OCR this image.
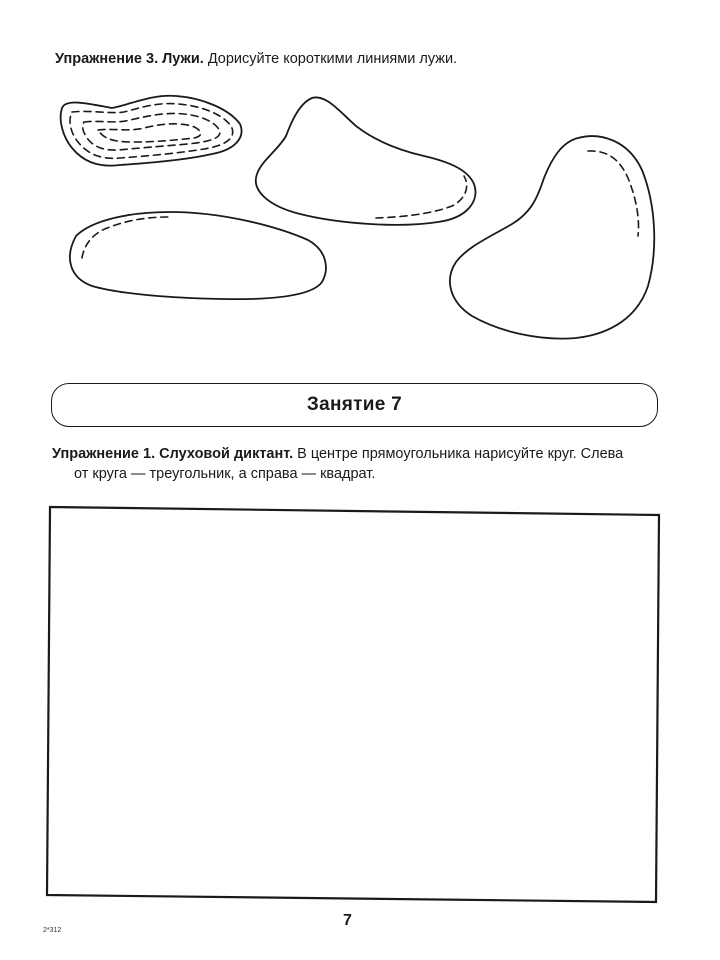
Упражнение 3. Лужи. Дорисуйте короткими линиями лужи.
Занятие 7
Упражнение 1. Слуховой диктант. В центре прямоугольника нарисуйте круг. Слева
от круга — треугольник, а справа — квадрат.
7
2*312
